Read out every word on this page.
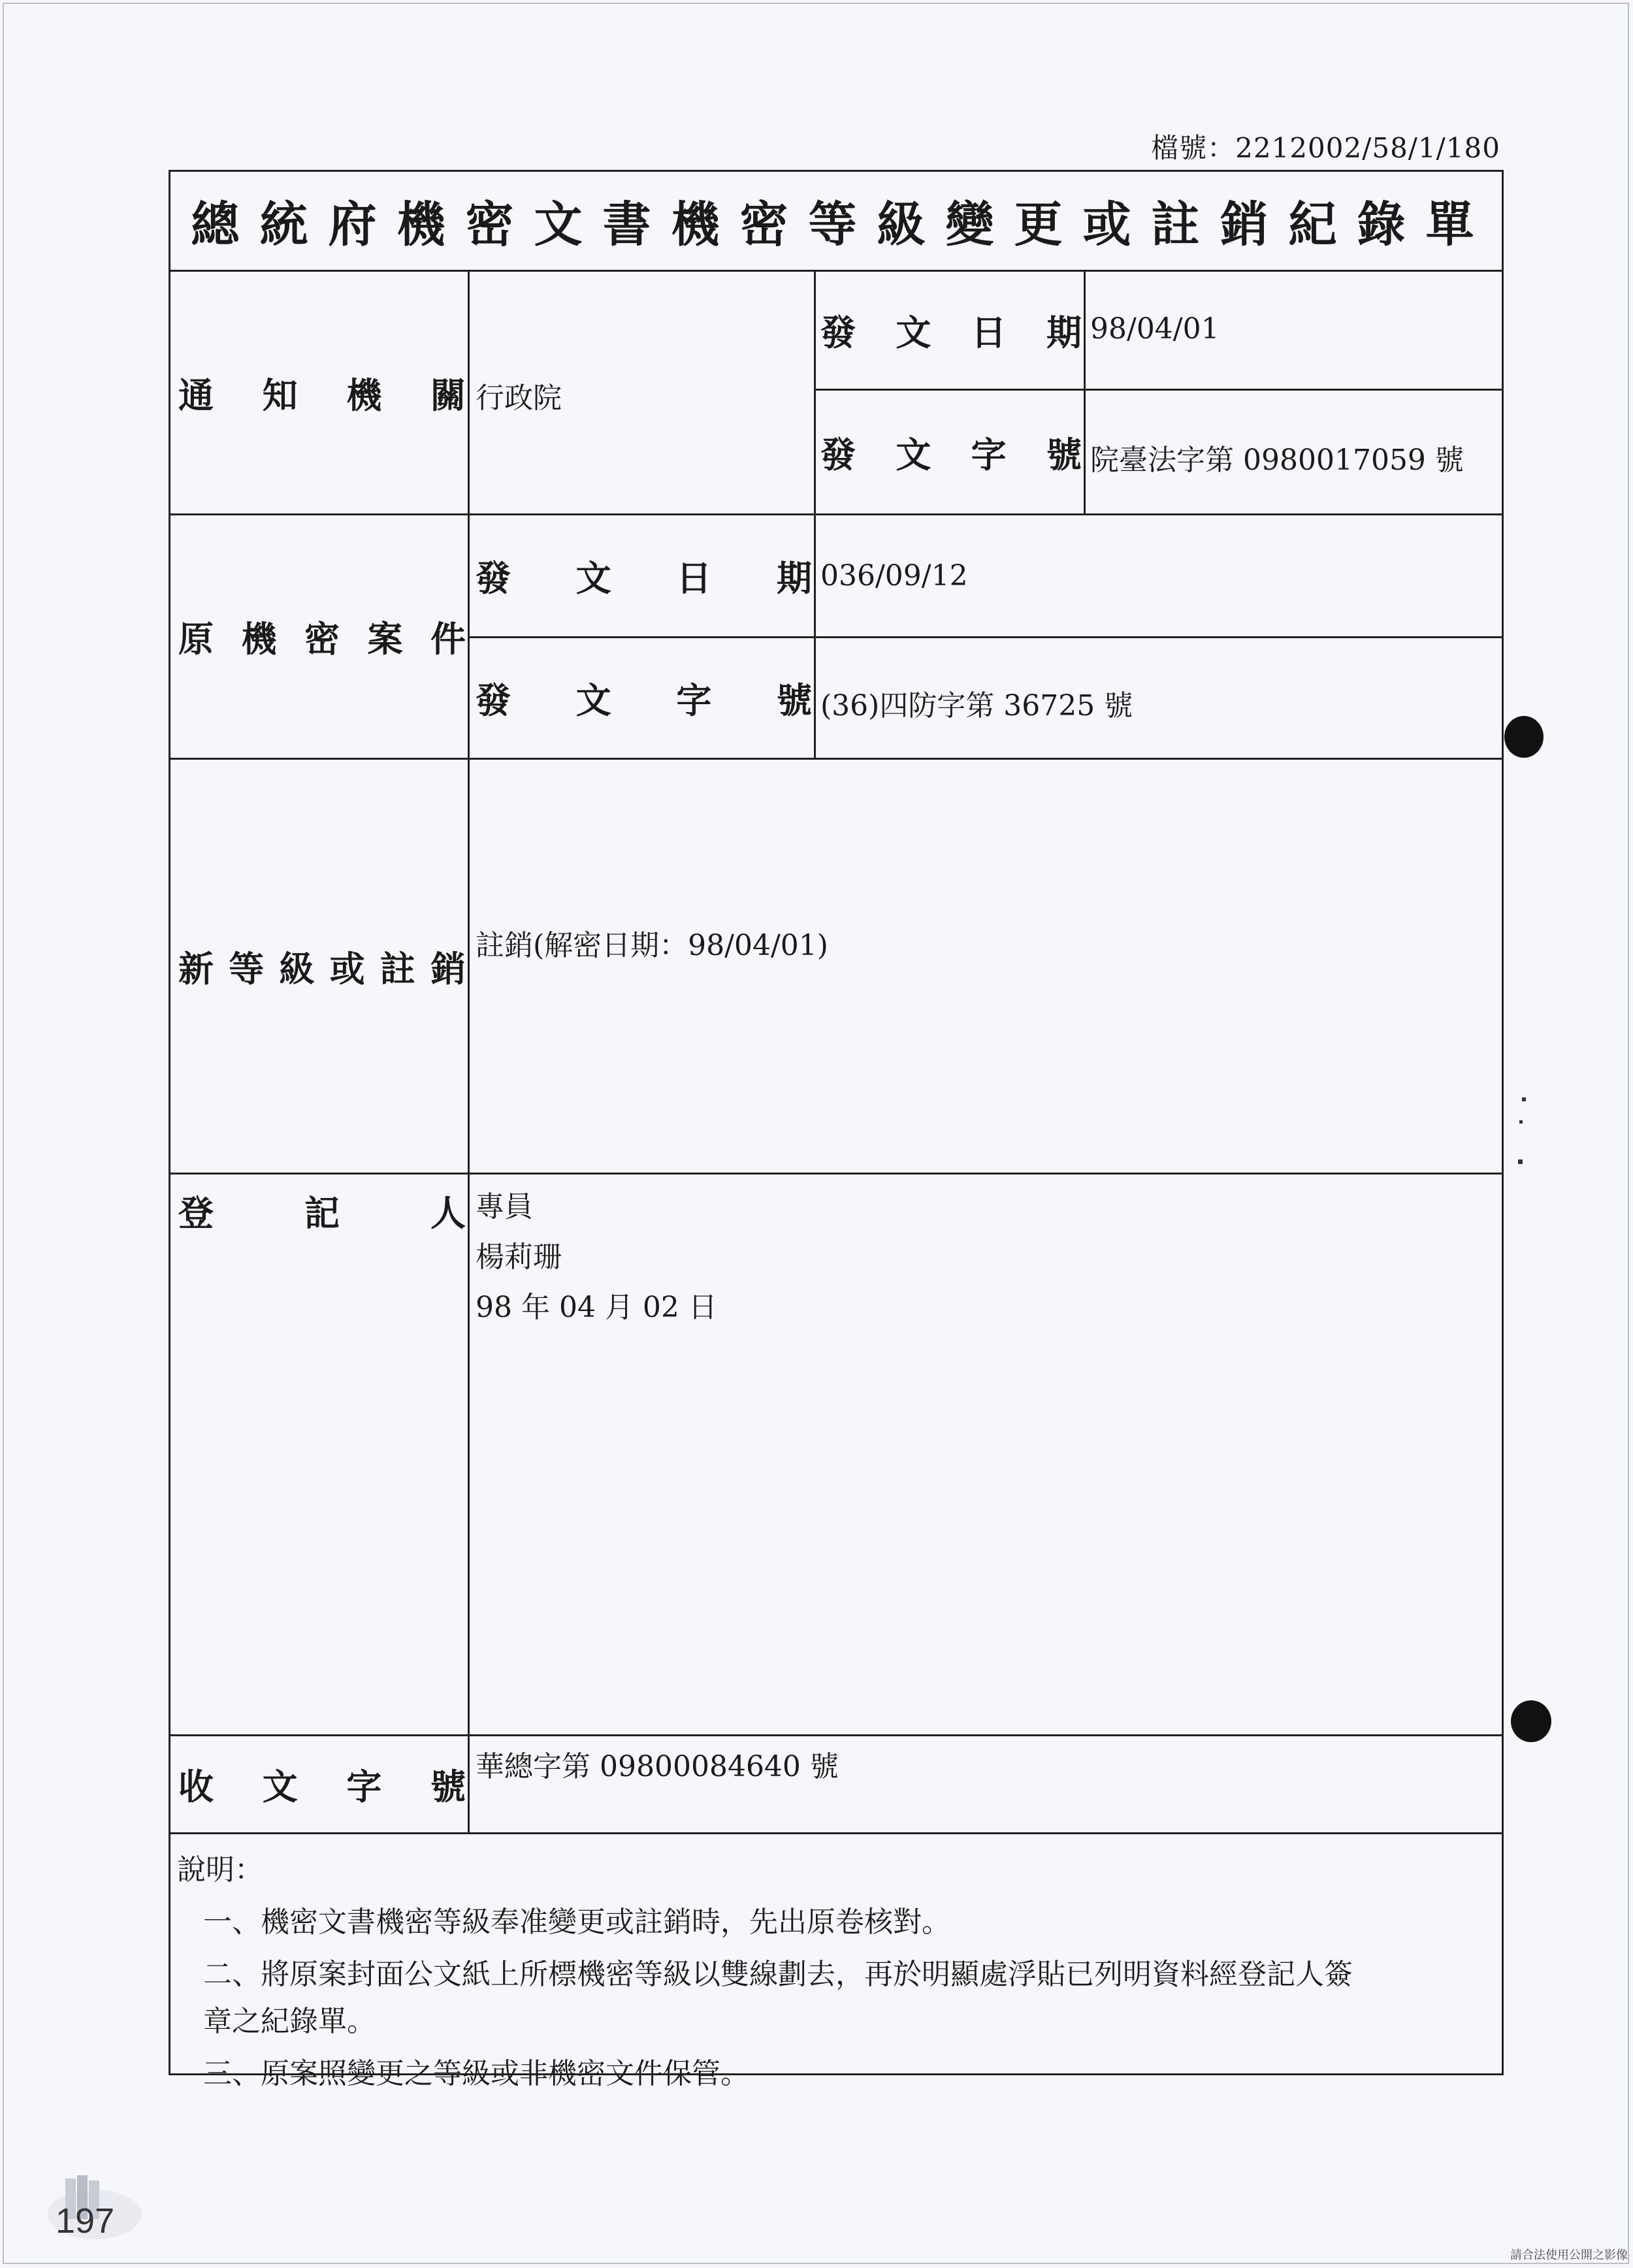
檔號：2212002/58/1/180
總統府機密文書機密等級變更或註銷紀錄單
通 知 機 關 行政院
發 文 日 期 98/04/01
發 文 字 號 院臺法字第 0980017059 號
原 機 密 案 件
發 文 日 期 036/09/12
發 文 字 號 (36)四防字第 36725 號
新 等 級 或 註 銷
註銷(解密日期：98/04/01)
登	記	人 專員
楊莉珊
98 年 04 月 02 日
收 文 字 號 華總字第 09800084640 號
說明：
一、機密文書機密等級奉准變更或註銷時，先出原卷核對。
二、將原案封面公文紙上所標機密等級以雙線劃去，再於明顯處浮貼已列明資料經登記人簽
章之紀錄單。
三、原案照變更之等級或非機密文件保管。
197
請合法使用公開之影像
